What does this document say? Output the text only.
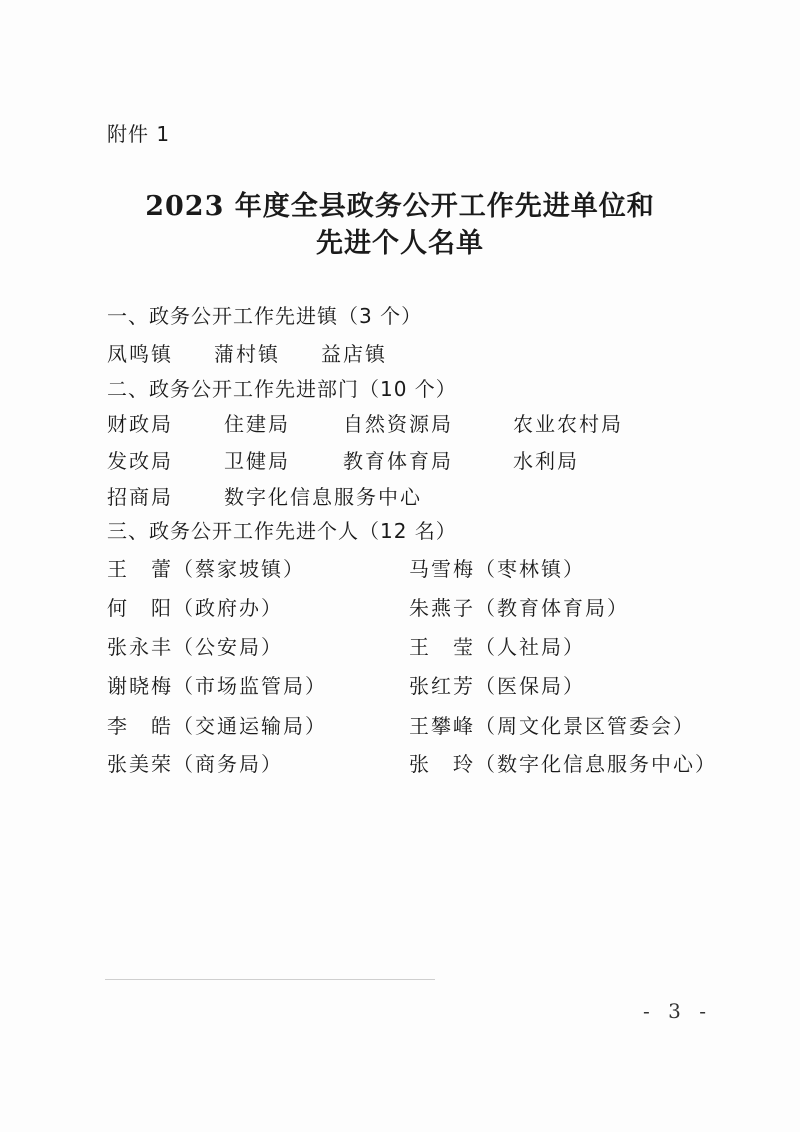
附件 1
2023 年度全县政务公开工作先进单位和
先进个人名单
一、政务公开工作先进镇（3 个）
凤鸣镇 蒲村镇 益店镇
二、政务公开工作先进部门（10 个）
财政局	住建局	自然资源局	农业农村局
发改局	卫健局	教育体育局	水利局
招商局	数字化信息服务中心
三、政务公开工作先进个人（12 名）
王　蕾（蔡家坡镇）	马雪梅（枣林镇）
何　阳（政府办）	朱燕子（教育体育局）
张永丰（公安局）	王　莹（人社局）
谢晓梅（市场监管局）	张红芳（医保局）
李　皓（交通运输局）	王攀峰（周文化景区管委会）
张美荣（商务局）	张　玲（数字化信息服务中心）
- 3 -
